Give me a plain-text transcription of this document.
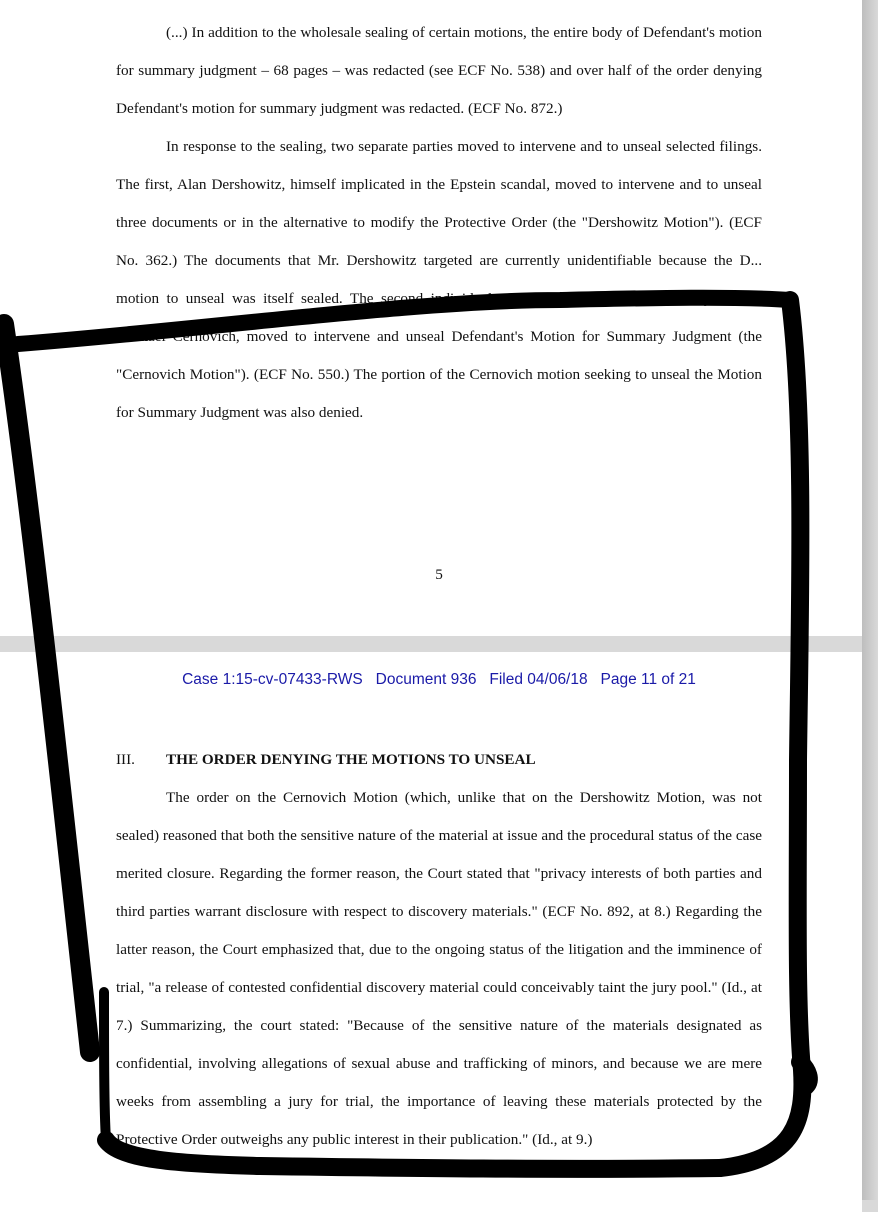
(...) In addition to the wholesale sealing of certain motions, the entire body of Defendant's motion for summary judgment – 68 pages – was redacted (see ECF No. 538) and over half of the order denying Defendant's motion for summary judgment was redacted. (ECF No. 872.)

In response to the sealing, two separate parties moved to intervene and to unseal selected filings. The first, Alan Dershowitz, himself implicated in the Epstein scandal, moved to intervene and to unseal three documents or in the alternative to modify the Protective Order (the "Dershowitz Motion"). (ECF No. 362.) The documents that Mr. Dershowitz targeted are currently unidentifiable because the D... motion to unseal was itself sealed. The second individual, podcast host and investigative journalist Michael Cernovich, moved to intervene and unseal Defendant's Motion for Summary Judgment (the "Cernovich Motion"). (ECF No. 550.) The portion of the Cernovich motion seeking to unseal the Motion for Summary Judgment was also denied.

5
Case 1:15-cv-07433-RWS   Document 936   Filed 04/06/18   Page 11 of 21
III. THE ORDER DENYING THE MOTIONS TO UNSEAL

The order on the Cernovich Motion (which, unlike that on the Dershowitz Motion, was not sealed) reasoned that both the sensitive nature of the material at issue and the procedural status of the case merited closure. Regarding the former reason, the Court stated that "privacy interests of both parties and third parties warrant disclosure with respect to discovery materials." (ECF No. 892, at 8.) Regarding the latter reason, the Court emphasized that, due to the ongoing status of the litigation and the imminence of trial, "a release of contested confidential discovery material could conceivably taint the jury pool." (Id., at 7.) Summarizing, the court stated: "Because of the sensitive nature of the materials designated as confidential, involving allegations of sexual abuse and trafficking of minors, and because we are mere weeks from assembling a jury for trial, the importance of leaving these materials protected by the Protective Order outweighs any public interest in their publication." (Id., at 9.)
